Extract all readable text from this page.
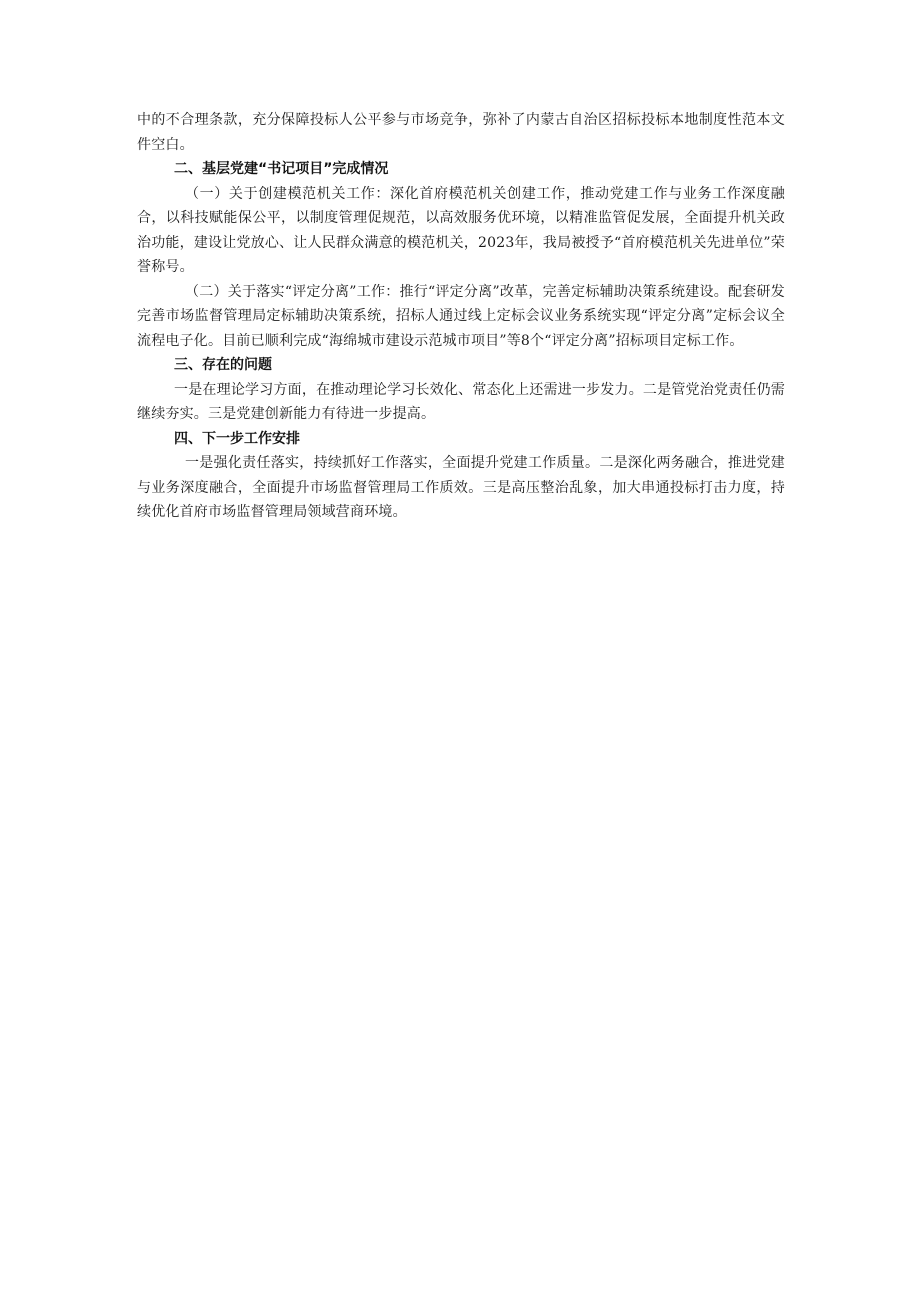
中的不合理条款，充分保障投标人公平参与市场竞争，弥补了内蒙古自治区招标投标本地制度性范本文件空白。

二、基层党建“书记项目”完成情况

（一）关于创建模范机关工作：深化首府模范机关创建工作，推动党建工作与业务工作深度融合，以科技赋能保公平，以制度管理促规范，以高效服务优环境，以精准监管促发展，全面提升机关政治功能，建设让党放心、让人民群众满意的模范机关，2023年，我局被授予“首府模范机关先进单位”荣誉称号。

（二）关于落实“评定分离”工作：推行“评定分离”改革，完善定标辅助决策系统建设。配套研发完善市场监督管理局定标辅助决策系统，招标人通过线上定标会议业务系统实现“评定分离”定标会议全流程电子化。目前已顺利完成“海绵城市建设示范城市项目”等8个“评定分离”招标项目定标工作。

三、存在的问题

一是在理论学习方面，在推动理论学习长效化、常态化上还需进一步发力。二是管党治党责任仍需继续夯实。三是党建创新能力有待进一步提高。

四、下一步工作安排

一是强化责任落实，持续抓好工作落实，全面提升党建工作质量。二是深化两务融合，推进党建与业务深度融合，全面提升市场监督管理局工作质效。三是高压整治乱象，加大串通投标打击力度，持续优化首府市场监督管理局领域营商环境。
